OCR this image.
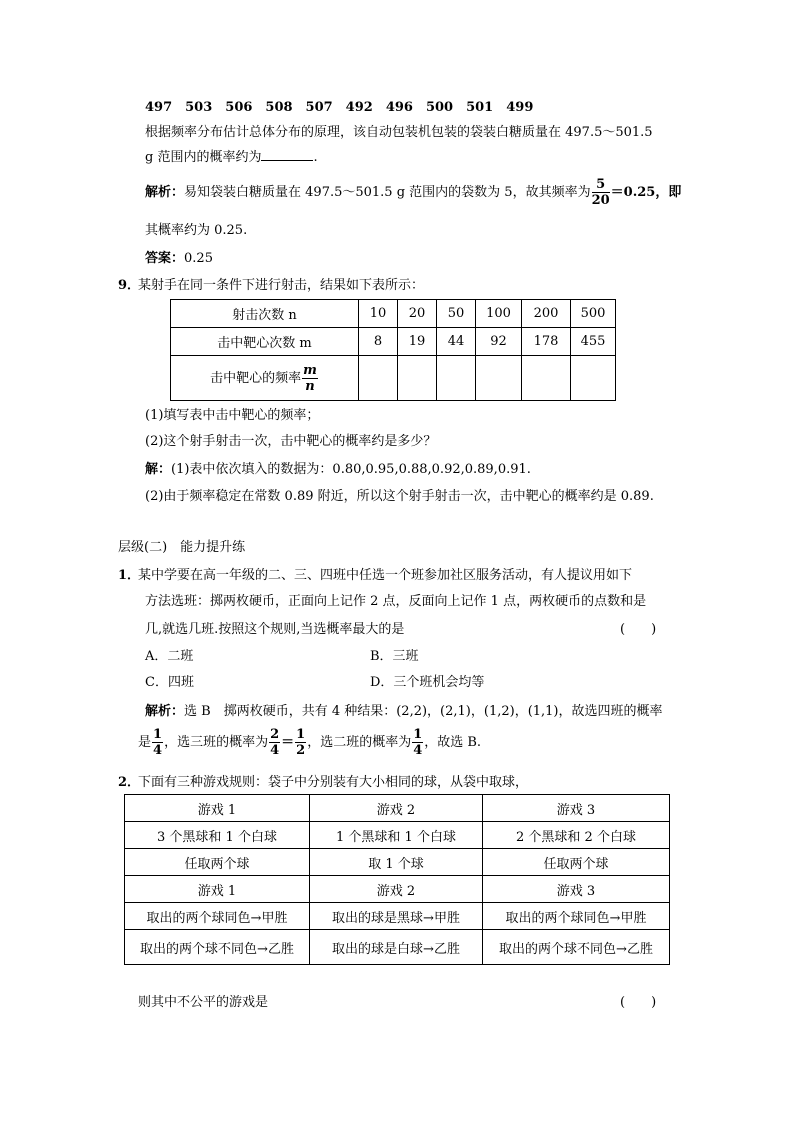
497　503　506　508　507　492　496　500　501　499
根据频率分布估计总体分布的原理，该自动包装机包装的袋装白糖质量在 497.5～501.5
g 范围内的概率约为	.
解析：易知袋装白糖质量在 497.5～501.5 g 范围内的袋数为 5，故其频率为 $\frac{5}{20} =0.25$，即
其概率约为 0.25.
答案：0.25
9．
某射手在同一条件下进行射击，结果如下表所示：
射击次数 n	10	20	50	100	200	500
击中靶心次数 m	8	19	44	92	178	455
击中靶心的频率 $\frac{m}{n}$

(1)填写表中击中靶心的频率；
(2)这个射手射击一次，击中靶心的概率约是多少？
解：(1)表中依次填入的数据为：0.80,0.95,0.88,0.92,0.89,0.91.
(2)由于频率稳定在常数 0.89 附近，所以这个射手射击一次，击中靶心的概率约是 0.89.
层级(二)　能力提升练
1．
某中学要在高一年级的二、三、四班中任选一个班参加社区服务活动，有人提议用如下
方法选班：掷两枚硬币，正面向上记作 2 点，反面向上记作 1 点，两枚硬币的点数和是
几,就选几班.按照这个规则,当选概率最大的是	(　　)
A．二班	B．三班
C．四班	D．三个班机会均等
解析：选 B　掷两枚硬币，共有 4 种结果：(2,2)，(2,1)，(1,2)，(1,1)，故选四班的概率
是 $\frac{1}{4}$ ，选三班的概率为 $\frac{2}{4} = \frac{1}{2}$ ，选二班的概率为 $\frac{1}{4}$ ，故选 B.
2．
下面有三种游戏规则：袋子中分别装有大小相同的球，从袋中取球，
游戏 1	游戏 2	游戏 3
3 个黑球和 1 个白球	1 个黑球和 1 个白球	2 个黑球和 2 个白球
任取两个球	取 1 个球	任取两个球
游戏 1	游戏 2	游戏 3
取出的两个球同色→甲胜	取出的球是黑球→甲胜	取出的两个球同色→甲胜
取出的两个球不同色→乙胜	取出的球是白球→乙胜	取出的两个球不同色→乙胜
则其中不公平的游戏是	(　　)
